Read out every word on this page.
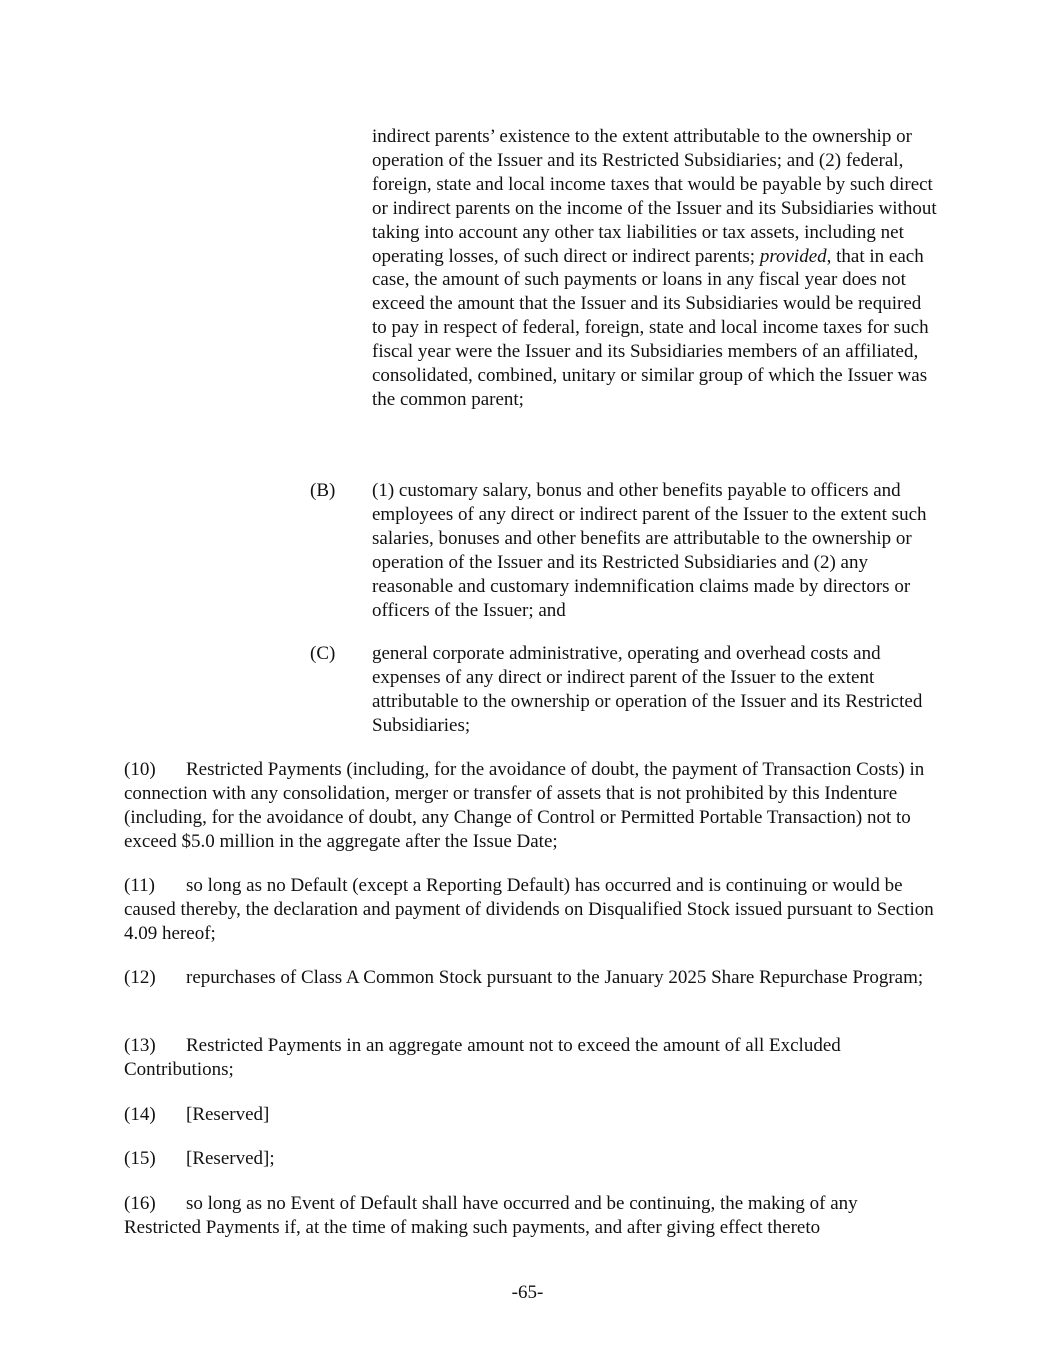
indirect parents’ existence to the extent attributable to the ownership or operation of the Issuer and its Restricted Subsidiaries; and (2) federal, foreign, state and local income taxes that would be payable by such direct or indirect parents on the income of the Issuer and its Subsidiaries without taking into account any other tax liabilities or tax assets, including net operating losses, of such direct or indirect parents; provided, that in each case, the amount of such payments or loans in any fiscal year does not exceed the amount that the Issuer and its Subsidiaries would be required to pay in respect of federal, foreign, state and local income taxes for such fiscal year were the Issuer and its Subsidiaries members of an affiliated, consolidated, combined, unitary or similar group of which the Issuer was the common parent;

(B)	(1) customary salary, bonus and other benefits payable to officers and employees of any direct or indirect parent of the Issuer to the extent such salaries, bonuses and other benefits are attributable to the ownership or operation of the Issuer and its Restricted Subsidiaries and (2) any reasonable and customary indemnification claims made by directors or officers of the Issuer; and
(C)	general corporate administrative, operating and overhead costs and expenses of any direct or indirect parent of the Issuer to the extent attributable to the ownership or operation of the Issuer and its Restricted Subsidiaries;

(10) Restricted Payments (including, for the avoidance of doubt, the payment of Transaction Costs) in connection with any consolidation, merger or transfer of assets that is not prohibited by this Indenture (including, for the avoidance of doubt, any Change of Control or Permitted Portable Transaction) not to exceed $5.0 million in the aggregate after the Issue Date;

(11) so long as no Default (except a Reporting Default) has occurred and is continuing or would be caused thereby, the declaration and payment of dividends on Disqualified Stock issued pursuant to Section 4.09 hereof;

(12) repurchases of Class A Common Stock pursuant to the January 2025 Share Repurchase Program;

(13) Restricted Payments in an aggregate amount not to exceed the amount of all Excluded Contributions;

(14) [Reserved]

(15) [Reserved];

(16) so long as no Event of Default shall have occurred and be continuing, the making of any Restricted Payments if, at the time of making such payments, and after giving effect thereto

-65-
